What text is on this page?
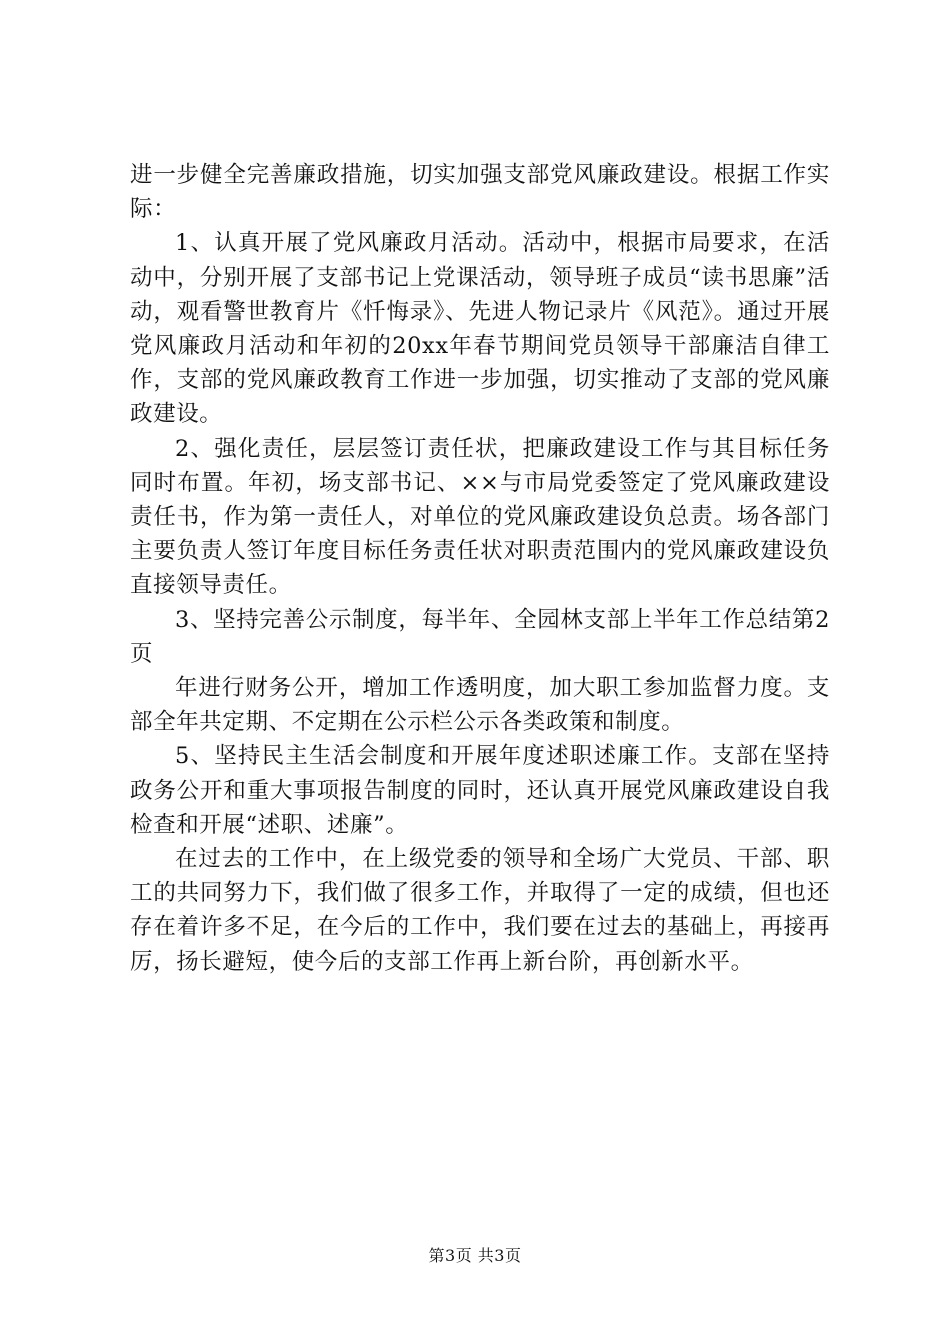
进一步健全完善廉政措施，切实加强支部党风廉政建设。根据工作实际：

1、认真开展了党风廉政月活动。活动中，根据市局要求，在活动中，分别开展了支部书记上党课活动，领导班子成员“读书思廉”活动，观看警世教育片《忏悔录》、先进人物记录片《风范》。通过开展党风廉政月活动和年初的20xx年春节期间党员领导干部廉洁自律工作，支部的党风廉政教育工作进一步加强，切实推动了支部的党风廉政建设。

2、强化责任，层层签订责任状，把廉政建设工作与其目标任务同时布置。年初，场支部书记、××与市局党委签定了党风廉政建设责任书，作为第一责任人，对单位的党风廉政建设负总责。场各部门主要负责人签订年度目标任务责任状对职责范围内的党风廉政建设负直接领导责任。

3、坚持完善公示制度，每半年、全园林支部上半年工作总结第2页

年进行财务公开，增加工作透明度，加大职工参加监督力度。支部全年共定期、不定期在公示栏公示各类政策和制度。

5、坚持民主生活会制度和开展年度述职述廉工作。支部在坚持政务公开和重大事项报告制度的同时，还认真开展党风廉政建设自我检查和开展“述职、述廉”。

在过去的工作中，在上级党委的领导和全场广大党员、干部、职工的共同努力下，我们做了很多工作，并取得了一定的成绩，但也还存在着许多不足，在今后的工作中，我们要在过去的基础上，再接再厉，扬长避短，使今后的支部工作再上新台阶，再创新水平。

第3页 共3页
